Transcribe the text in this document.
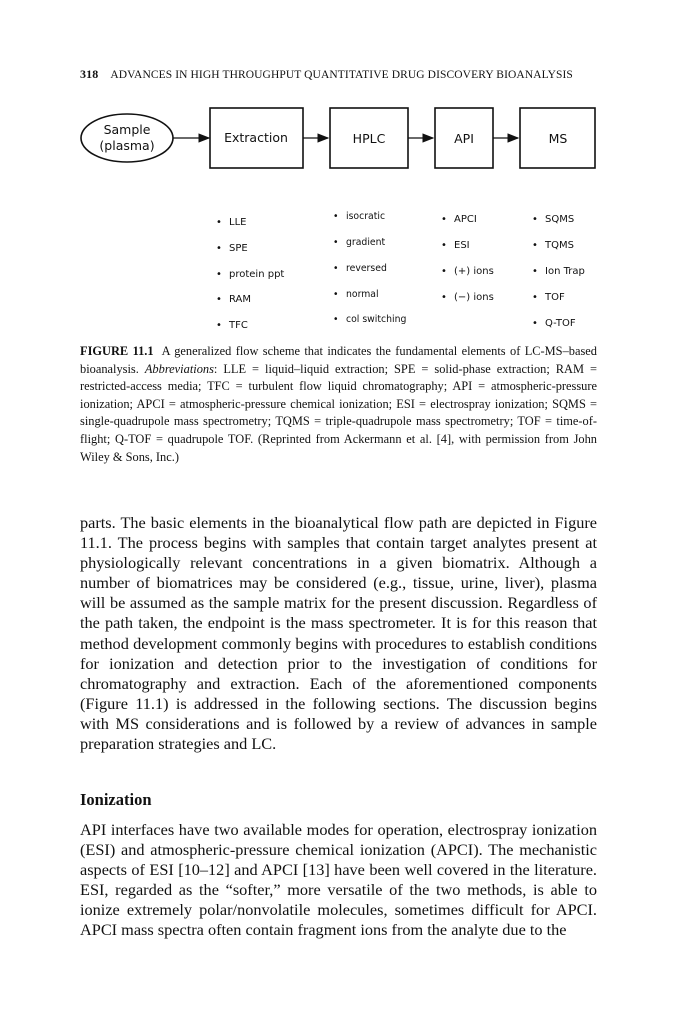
318 ADVANCES IN HIGH THROUGHPUT QUANTITATIVE DRUG DISCOVERY BIOANALYSIS
Sample
(plasma)
Extraction	HPLC	API	MS
• LLE
• SPE
• protein ppt
• RAM
• TFC
• isocratic
• gradient
• reversed
• normal
• col switching
• APCI
• ESI
• (+) ions
• (−) ions
• SQMS
• TQMS
• Ion Trap
• TOF
• Q-TOF
FIGURE 11.1 A generalized flow scheme that indicates the fundamental elements of LC-MS–based bioanalysis. Abbreviations: LLE = liquid–liquid extraction; SPE = solid-phase extraction; RAM = restricted-access media; TFC = turbulent flow liquid chromatography; API = atmospheric-pressure ionization; APCI = atmospheric-pressure chemical ionization; ESI = electrospray ionization; SQMS = single-quadrupole mass spectrometry; TQMS = triple-quadrupole mass spectrometry; TOF = time-of-flight; Q-TOF = quadrupole TOF. (Reprinted from Ackermann et al. [4], with permission from John Wiley & Sons, Inc.)

parts. The basic elements in the bioanalytical flow path are depicted in Figure 11.1. The process begins with samples that contain target analytes present at physiologically relevant concentrations in a given biomatrix. Although a number of biomatrices may be considered (e.g., tissue, urine, liver), plasma will be assumed as the sample matrix for the present discussion. Regardless of the path taken, the endpoint is the mass spectrometer. It is for this reason that method development commonly begins with procedures to establish conditions for ionization and detection prior to the investigation of conditions for chromatography and extraction. Each of the aforementioned components (Figure 11.1) is addressed in the following sections. The discussion begins with MS considerations and is followed by a review of advances in sample preparation strategies and LC.

Ionization

API interfaces have two available modes for operation, electrospray ionization (ESI) and atmospheric-pressure chemical ionization (APCI). The mechanistic aspects of ESI [10–12] and APCI [13] have been well covered in the literature. ESI, regarded as the “softer,” more versatile of the two methods, is able to ionize extremely polar/nonvolatile molecules, sometimes difficult for APCI. APCI mass spectra often contain fragment ions from the analyte due to the
